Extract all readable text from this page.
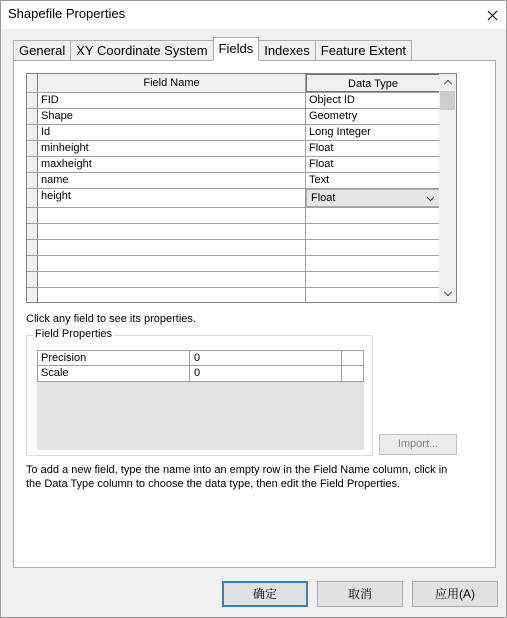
Shapefile Properties
General XY Coordinate System Fields Indexes Feature Extent
Field Name	Data Type
FID	Object ID
Shape	Geometry
Id	Long Integer
minheight	Float
maxheight	Float
name	Text
height	Float
Click any field to see its properties.
Field Properties
Precision	0
Scale	0
Import...
To add a new field, type the name into an empty row in the Field Name column, click in the Data Type column to choose the data type, then edit the Field Properties.
确定	取消	应用(A)
